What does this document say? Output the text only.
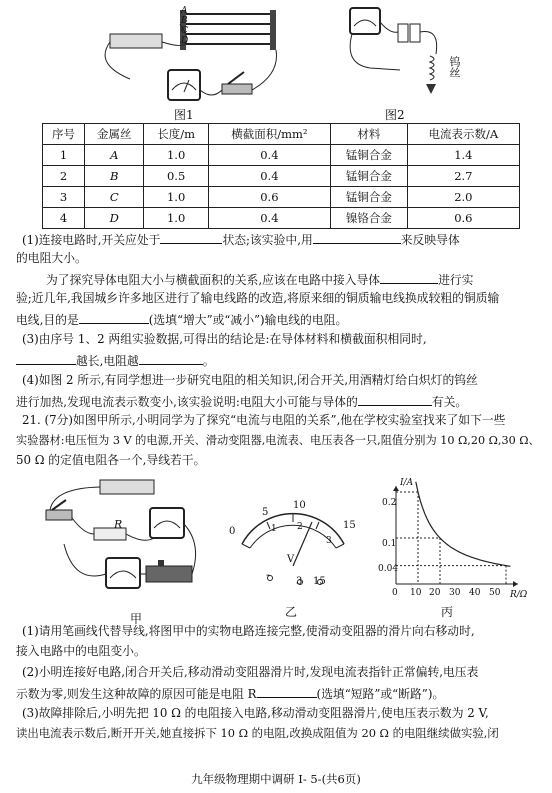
A
B
C
D
图1
钨丝
图2
序号	金属丝	长度/m	横截面积/mm²	材料	电流表示数/A
1	A	1.0	0.4	锰铜合金	1.4
2	B	0.5	0.4	锰铜合金	2.7
3	C	1.0	0.6	锰铜合金	2.0
4	D	1.0	0.4	镍铬合金	0.6
(1)连接电路时,开关应处于	状态;该实验中,用	来反映导体
的电阻大小。
为了探究导体电阻大小与横截面积的关系,应该在电路中接入导体	进行实
验;近几年,我国城乡许多地区进行了输电线路的改造,将原来细的铜质输电线换成较粗的铜质输
电线,目的是	(选填“增大”或“减小”)输电线的电阻。
(3)由序号 1、2 两组实验数据,可得出的结论是:在导体材料和横截面积相同时,
越长,电阻越	。
(4)如图 2 所示,有同学想进一步研究电阻的相关知识,闭合开关,用酒精灯给白炽灯的钨丝
进行加热,发现电流表示数变小,该实验说明:电阻大小可能与导体的	有关。
21. (7分)如图甲所示,小明同学为了探究“电流与电阻的关系”,他在学校实验室找来了如下一些
实验器材:电压恒为 3 V 的电源,开关、滑动变阻器,电流表、电压表各一只,阻值分别为 10 Ω,20 Ω,30 Ω、
50 Ω 的定值电阻各一个,导线若干。
R
甲
0
5
10
15
1 2
3
V
-
3 15
乙
I/A
R/Ω
0.2
0.1
0.04
0 10 20 30 40 50
丙
(1)请用笔画线代替导线,将图甲中的实物电路连接完整,使滑动变阻器的滑片向右移动时,
接入电路中的电阻变小。
(2)小明连接好电路,闭合开关后,移动滑动变阻器滑片时,发现电流表指针正常偏转,电压表
示数为零,则发生这种故障的原因可能是电阻 R	(选填“短路”或“断路”)。
(3)故障排除后,小明先把 10 Ω 的电阻接入电路,移动滑动变阻器滑片,使电压表示数为 2 V,
读出电流表示数后,断开开关,她直接拆下 10 Ω 的电阻,改换成阻值为 20 Ω 的电阻继续做实验,闭
九年级物理期中调研 I- 5-(共6页)
